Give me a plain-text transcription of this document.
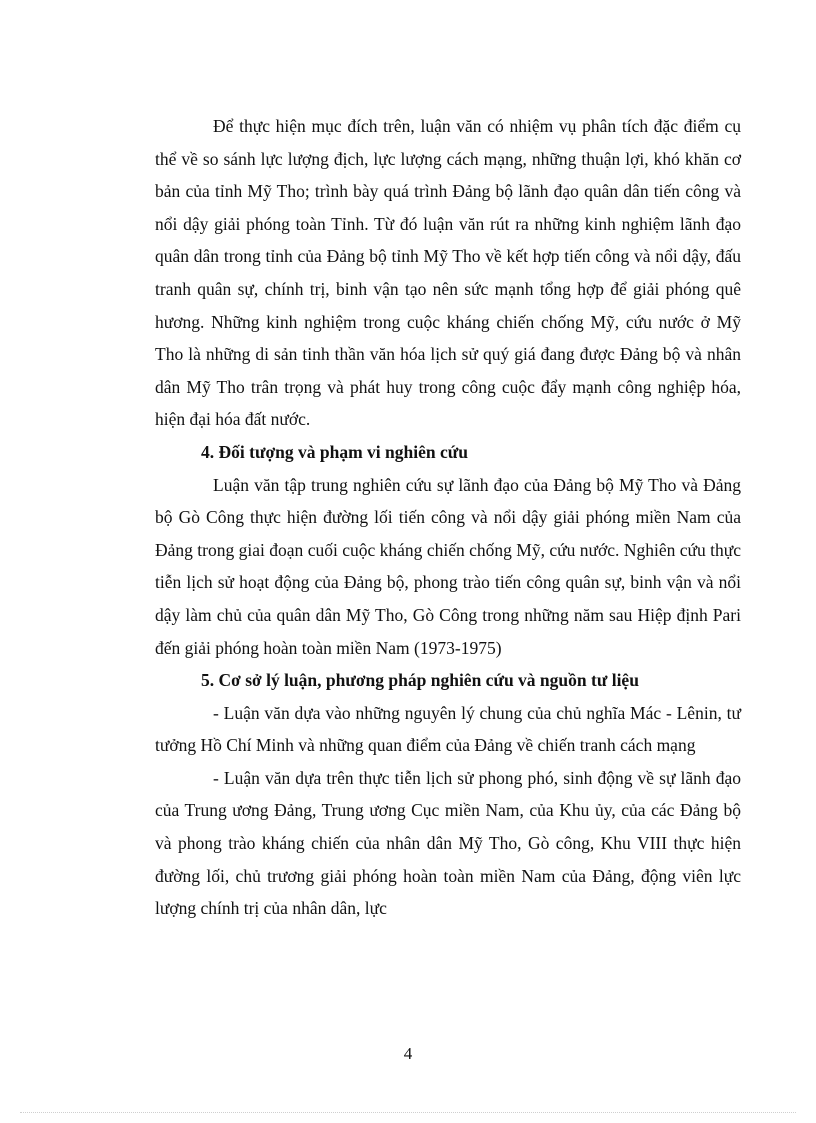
Để thực hiện mục đích trên, luận văn có nhiệm vụ phân tích đặc điểm cụ thể về so sánh lực lượng địch, lực lượng cách mạng, những thuận lợi, khó khăn cơ bản của tỉnh Mỹ Tho; trình bày quá trình Đảng bộ lãnh đạo quân dân tiến công và nổi dậy giải phóng toàn Tỉnh. Từ đó luận văn rút ra những kinh nghiệm lãnh đạo quân dân trong tỉnh của Đảng bộ tỉnh Mỹ Tho về kết hợp tiến công và nổi dậy, đấu tranh quân sự, chính trị, binh vận tạo nên sức mạnh tổng hợp để giải phóng quê hương. Những kinh nghiệm trong cuộc kháng chiến chống Mỹ, cứu nước ở Mỹ Tho là những di sản tinh thần văn hóa lịch sử quý giá đang được Đảng bộ và nhân dân Mỹ Tho trân trọng và phát huy trong công cuộc đẩy mạnh công nghiệp hóa, hiện đại hóa đất nước.

4. Đối tượng và phạm vi nghiên cứu

Luận văn tập trung nghiên cứu sự lãnh đạo của Đảng bộ Mỹ Tho và Đảng bộ Gò Công thực hiện đường lối tiến công và nổi dậy giải phóng miền Nam của Đảng trong giai đoạn cuối cuộc kháng chiến chống Mỹ, cứu nước. Nghiên cứu thực tiễn lịch sử hoạt động của Đảng bộ, phong trào tiến công quân sự, binh vận và nổi dậy làm chủ của quân dân Mỹ Tho, Gò Công trong những năm sau Hiệp định Pari đến giải phóng hoàn toàn miền Nam (1973-1975)

5. Cơ sở lý luận, phương pháp nghiên cứu và nguồn tư liệu

- Luận văn dựa vào những nguyên lý chung của chủ nghĩa Mác - Lênin, tư tưởng Hồ Chí Minh và những quan điểm của Đảng về chiến tranh cách mạng

- Luận văn dựa trên thực tiễn lịch sử phong phó, sinh động về sự lãnh đạo của Trung ương Đảng, Trung ương Cục miền Nam, của Khu ủy, của các Đảng bộ và phong trào kháng chiến của nhân dân Mỹ Tho, Gò công, Khu VIII thực hiện đường lối, chủ trương giải phóng hoàn toàn miền Nam của Đảng, động viên lực lượng chính trị của nhân dân, lực

4
